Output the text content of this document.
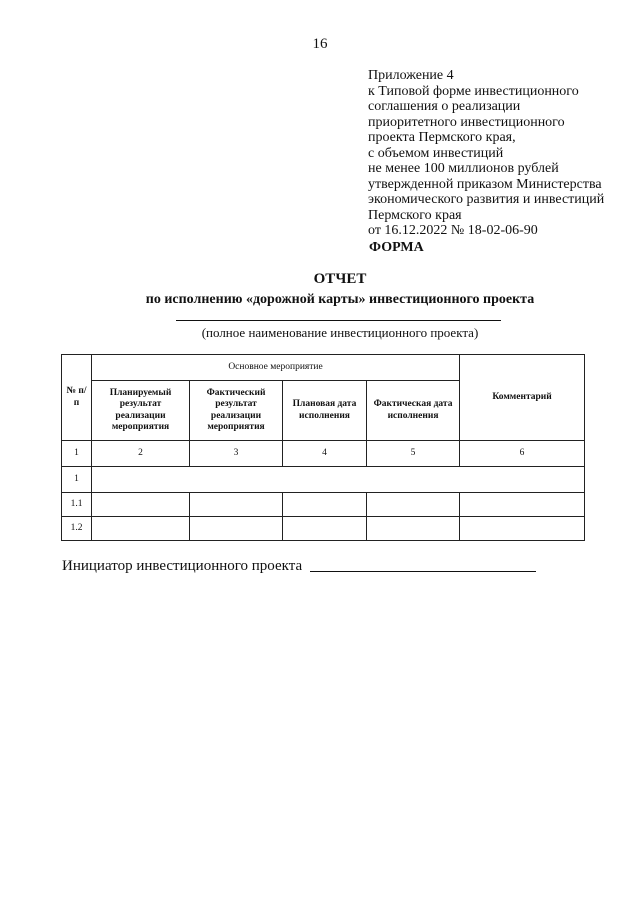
16
Приложение 4
к Типовой форме инвестиционного
соглашения о реализации
приоритетного инвестиционного
проекта Пермского края,
с объемом инвестиций
не менее 100 миллионов рублей
утвержденной приказом Министерства
экономического развития и инвестиций
Пермского края
от 16.12.2022 № 18-02-06-90
ФОРМА
ОТЧЕТ
по исполнению «дорожной карты» инвестиционного проекта
(полное наименование инвестиционного проекта)
№ п/п	Основное мероприятие				Комментарий
	Планируемый результат реализации мероприятия	Фактический результат реализации мероприятия	Плановая дата исполнения	Фактическая дата исполнения	
1	2	3	4	5	6
1					
1.1					
1.2					
Инициатор инвестиционного проекта
